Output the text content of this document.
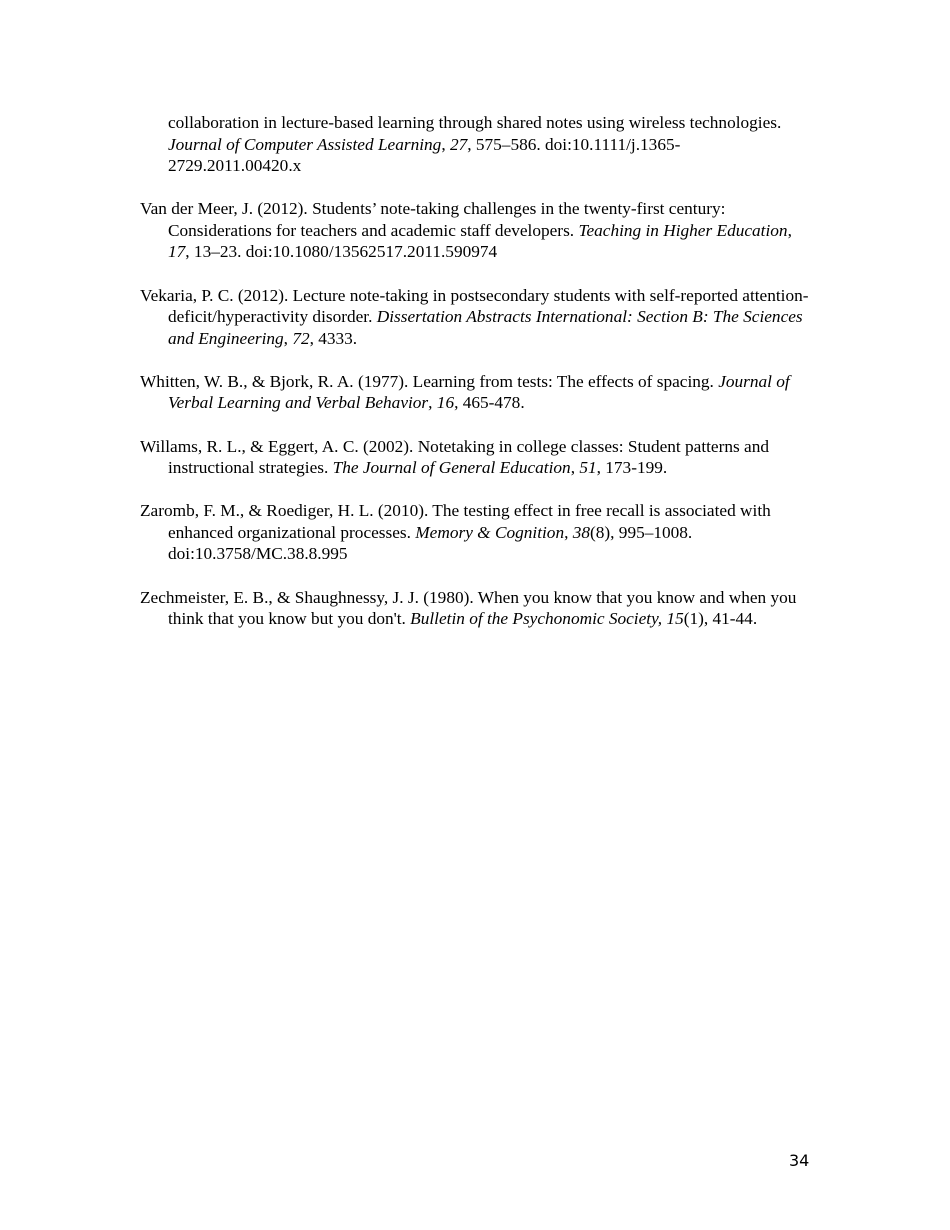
collaboration in lecture-based learning through shared notes using wireless technologies. Journal of Computer Assisted Learning, 27, 575–586. doi:10.1111/j.1365-2729.2011.00420.x

Van der Meer, J. (2012). Students’ note-taking challenges in the twenty-first century: Considerations for teachers and academic staff developers. Teaching in Higher Education, 17, 13–23. doi:10.1080/13562517.2011.590974

Vekaria, P. C. (2012). Lecture note-taking in postsecondary students with self-reported attention-deficit/hyperactivity disorder. Dissertation Abstracts International: Section B: The Sciences and Engineering, 72, 4333.

Whitten, W. B., & Bjork, R. A. (1977). Learning from tests: The effects of spacing. Journal of Verbal Learning and Verbal Behavior, 16, 465-478.

Willams, R. L., & Eggert, A. C. (2002). Notetaking in college classes: Student patterns and instructional strategies. The Journal of General Education, 51, 173-199.

Zaromb, F. M., & Roediger, H. L. (2010). The testing effect in free recall is associated with enhanced organizational processes. Memory & Cognition, 38(8), 995–1008. doi:10.3758/MC.38.8.995

Zechmeister, E. B., & Shaughnessy, J. J. (1980). When you know that you know and when you think that you know but you don't. Bulletin of the Psychonomic Society, 15(1), 41-44.

34
